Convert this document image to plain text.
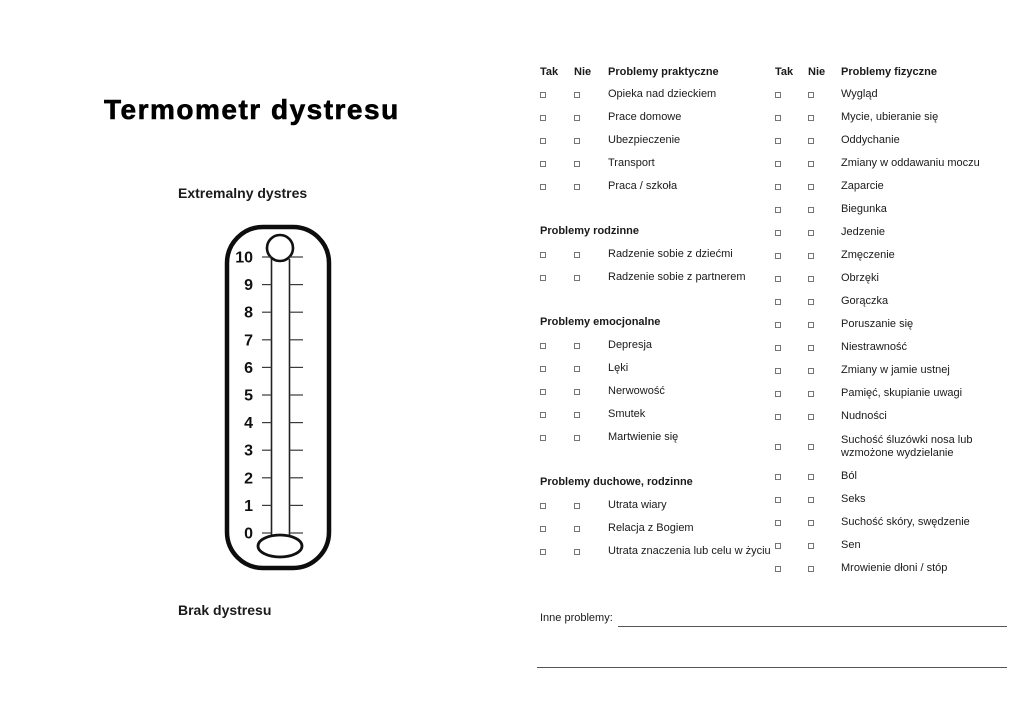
Termometr dystresu
Extremalny dystres
10
9
8
7
6
5
4
3
2
1
0
Brak dystresu
Tak	Nie	Problemy praktyczne
Opieka nad dzieckiem
Prace domowe
Ubezpieczenie
Transport
Praca / szkoła
Problemy rodzinne
Radzenie sobie z dziećmi
Radzenie sobie z partnerem
Problemy emocjonalne
Depresja
Lęki
Nerwowość
Smutek
Martwienie się
Problemy duchowe, rodzinne
Utrata wiary
Relacja z Bogiem
Utrata znaczenia lub celu w życiu
Tak	Nie	Problemy fizyczne
Wygląd
Mycie, ubieranie się
Oddychanie
Zmiany w oddawaniu moczu
Zaparcie
Biegunka
Jedzenie
Zmęczenie
Obrzęki
Gorączka
Poruszanie się
Niestrawność
Zmiany w jamie ustnej
Pamięć, skupianie uwagi
Nudności
Suchość śluzówki nosa lub wzmożone wydzielanie
Ból
Seks
Suchość skóry, swędzenie
Sen
Mrowienie dłoni / stóp
Inne problemy:
